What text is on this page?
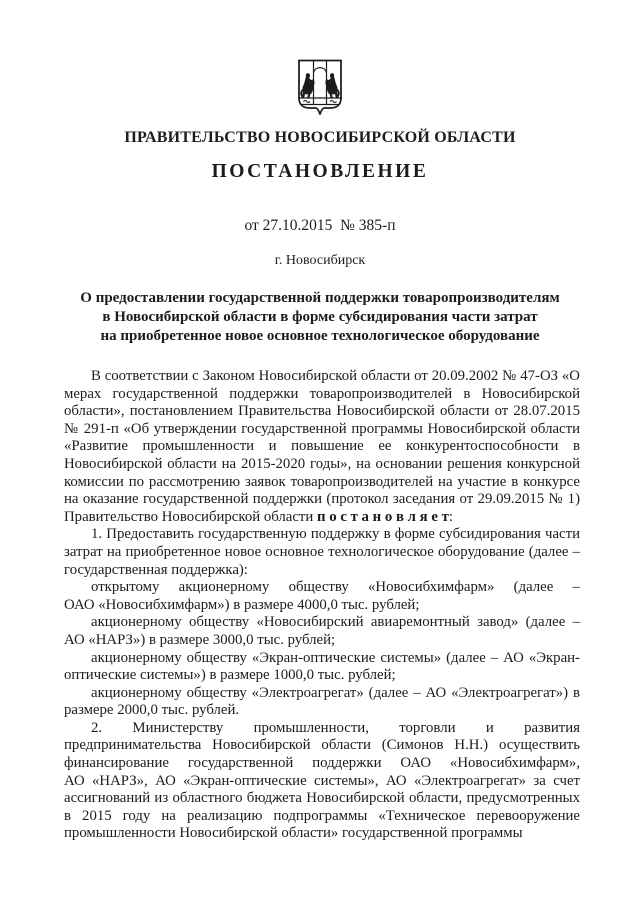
ПРАВИТЕЛЬСТВО НОВОСИБИРСКОЙ ОБЛАСТИ
ПОСТАНОВЛЕНИЕ
от 27.10.2015  № 385-п
г. Новосибирск
О предоставлении государственной поддержки товаропроизводителям
в Новосибирской области в форме субсидирования части затрат
на приобретенное новое основное технологическое оборудование

В соответствии с Законом Новосибирской области от 20.09.2002 № 47-ОЗ «О мерах государственной поддержки товаропроизводителей в Новосибирской области», постановлением Правительства Новосибирской области от 28.07.2015 № 291-п «Об утверждении государственной программы Новосибирской области «Развитие промышленности и повышение ее конкурентоспособности в Новосибирской области на 2015-2020 годы», на основании решения конкурсной комиссии по рассмотрению заявок товаропроизводителей на участие в конкурсе на оказание государственной поддержки (протокол заседания от 29.09.2015 № 1) Правительство Новосибирской области п о с т а н о в л я е т:

1. Предоставить государственную поддержку в форме субсидирования части затрат на приобретенное новое основное технологическое оборудование (далее – государственная поддержка):

открытому акционерному обществу «Новосибхимфарм» (далее – ОАО «Новосибхимфарм») в размере 4000,0 тыс. рублей;

акционерному обществу «Новосибирский авиаремонтный завод» (далее – АО «НАРЗ») в размере 3000,0 тыс. рублей;

акционерному обществу «Экран-оптические системы» (далее – АО «Экран-оптические системы») в размере 1000,0 тыс. рублей;

акционерному обществу «Электроагрегат» (далее – АО «Электроагрегат») в размере 2000,0 тыс. рублей.

2. Министерству промышленности, торговли и развития предпринимательства Новосибирской области (Симонов Н.Н.) осуществить финансирование государственной поддержки ОАО «Новосибхимфарм», АО «НАРЗ», АО «Экран-оптические системы», АО «Электроагрегат» за счет ассигнований из областного бюджета Новосибирской области, предусмотренных в 2015 году на реализацию подпрограммы «Техническое перевооружение промышленности Новосибирской области» государственной программы
